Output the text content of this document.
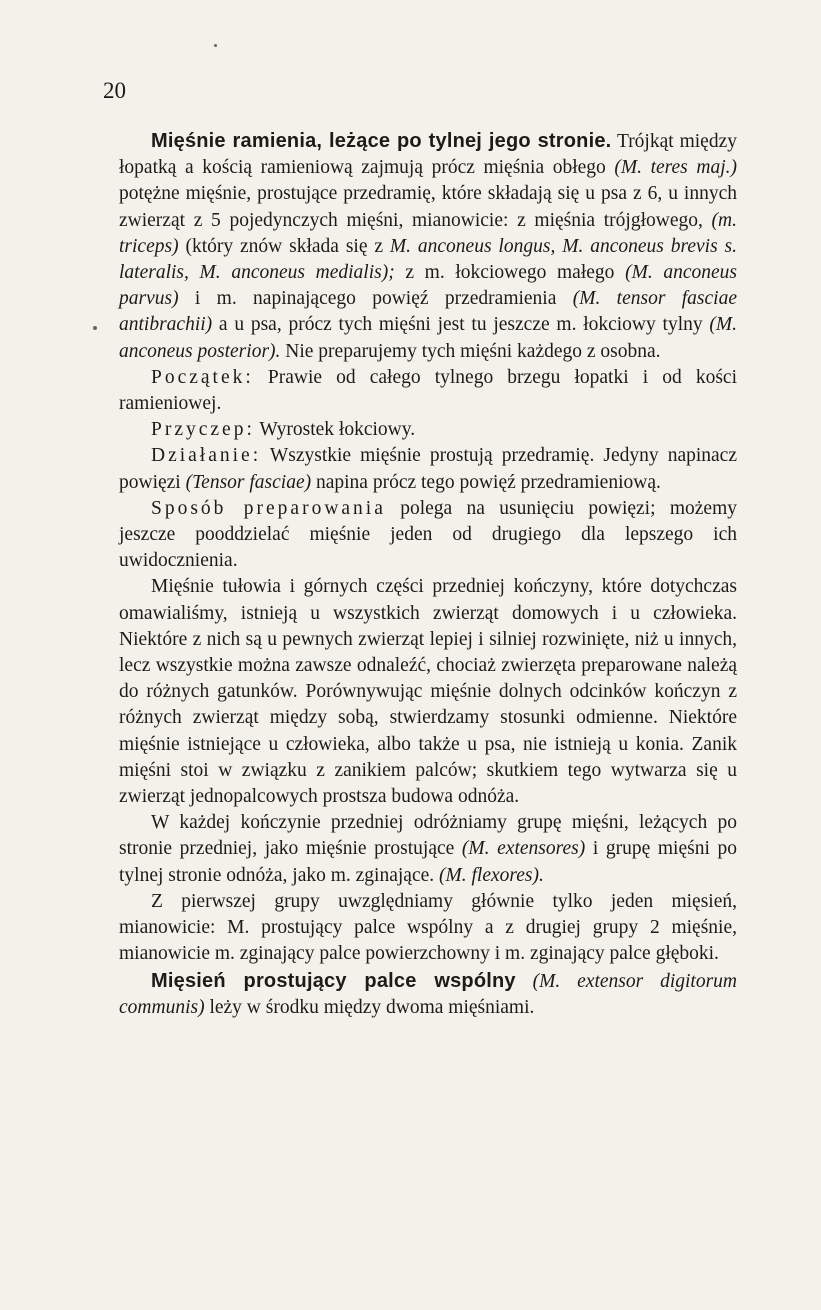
20

Mięśnie ramienia, leżące po tylnej jego stronie. Trójkąt między łopatką a kością ramieniową zajmują prócz mięśnia obłego (M. teres maj.) potężne mięśnie, prostujące przedramię, które składają się u psa z 6, u innych zwierząt z 5 pojedynczych mięśni, mianowicie: z mięśnia trójgłowego, (m. triceps) (który znów składa się z M. anconeus longus, M. anconeus brevis s. lateralis, M. anconeus medialis); z m. łokciowego małego (M. anconeus parvus) i m. napinającego powięź przedramienia (M. tensor fasciae antibrachii) a u psa, prócz tych mięśni jest tu jeszcze m. łokciowy tylny (M. anconeus posterior). Nie preparujemy tych mięśni każdego z osobna.

Początek: Prawie od całego tylnego brzegu łopatki i od kości ramieniowej.

Przyczep: Wyrostek łokciowy.

Działanie: Wszystkie mięśnie prostują przedramię. Jedyny napinacz powięzi (Tensor fasciae) napina prócz tego powięź przedramieniową.

Sposób preparowania polega na usunięciu powięzi; możemy jeszcze pooddzielać mięśnie jeden od drugiego dla lepszego ich uwidocznienia.

Mięśnie tułowia i górnych części przedniej kończyny, które dotychczas omawialiśmy, istnieją u wszystkich zwierząt domowych i u człowieka. Niektóre z nich są u pewnych zwierząt lepiej i silniej rozwinięte, niż u innych, lecz wszystkie można zawsze odnaleźć, chociaż zwierzęta preparowane należą do różnych gatunków. Porównywując mięśnie dolnych odcinków kończyn z różnych zwierząt między sobą, stwierdzamy stosunki odmienne. Niektóre mięśnie istniejące u człowieka, albo także u psa, nie istnieją u konia. Zanik mięśni stoi w związku z zanikiem palców; skutkiem tego wytwarza się u zwierząt jednopalcowych prostsza budowa odnóża.

W każdej kończynie przedniej odróżniamy grupę mięśni, leżących po stronie przedniej, jako mięśnie prostujące (M. extensores) i grupę mięśni po tylnej stronie odnóża, jako m. zginające. (M. flexores).

Z pierwszej grupy uwzględniamy głównie tylko jeden mięsień, mianowicie: M. prostujący palce wspólny a z drugiej grupy 2 mięśnie, mianowicie m. zginający palce powierzchowny i m. zginający palce głęboki.

Mięsień prostujący palce wspólny (M. extensor digitorum communis) leży w środku między dwoma mięśniami.
